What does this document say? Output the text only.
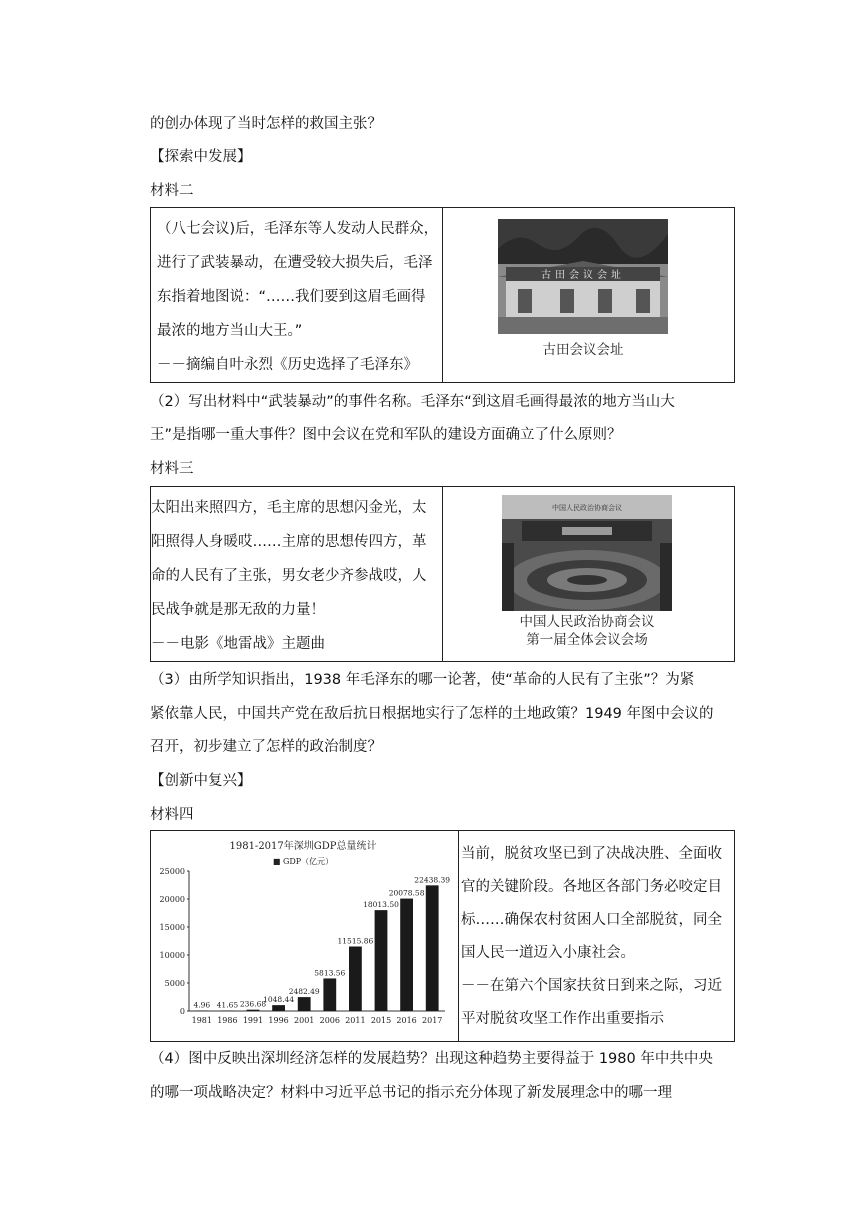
的创办体现了当时怎样的救国主张？
【探索中发展】
材料二
（八七会议)后，毛泽东等人发动人民群众，
进行了武装暴动，在遭受较大损失后，毛泽
东指着地图说：“……我们要到这眉毛画得
最浓的地方当山大王。”
－－摘编自叶永烈《历史选择了毛泽东》
古田会议会址
古田会议会址
（2）写出材料中“武装暴动”的事件名称。毛泽东“到这眉毛画得最浓的地方当山大
王”是指哪一重大事件？图中会议在党和军队的建设方面确立了什么原则？
材料三
太阳出来照四方，毛主席的思想闪金光，太
阳照得人身暖哎……主席的思想传四方，革
命的人民有了主张，男女老少齐参战哎，人
民战争就是那无敌的力量！
－－电影《地雷战》主题曲
中国人民政治协商会议
中国人民政治协商会议
第一届全体会议会场
（3）由所学知识指出，1938 年毛泽东的哪一论著，使“革命的人民有了主张”？为紧
紧依靠人民，中国共产党在敌后抗日根据地实行了怎样的土地政策？1949 年图中会议的
召开，初步建立了怎样的政治制度？
【创新中复兴】
材料四
1981-2017年深圳GDP总量统计
■ GDP（亿元）
0
5000
10000
15000
20000
25000
4.96
1981
41.65
1986
236.68
1991
1048.44
1996
2482.49
2001
5813.56
2006
11515.86
2011
18013.50
2015
20078.58
2016
22438.39
2017
当前，脱贫攻坚已到了决战决胜、全面收
官的关键阶段。各地区各部门务必咬定目
标……确保农村贫困人口全部脱贫，同全
国人民一道迈入小康社会。
－－在第六个国家扶贫日到来之际，习近
平对脱贫攻坚工作作出重要指示
（4）图中反映出深圳经济怎样的发展趋势？出现这种趋势主要得益于 1980 年中共中央
的哪一项战略决定？材料中习近平总书记的指示充分体现了新发展理念中的哪一理
